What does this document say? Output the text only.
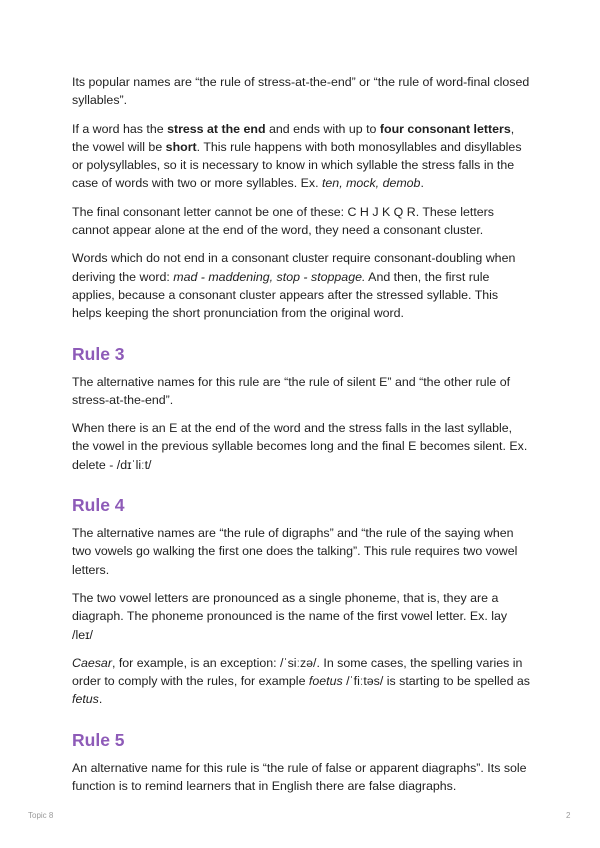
Its popular names are “the rule of stress-at-the-end” or “the rule of word-final closed syllables”.

If a word has the stress at the end and ends with up to four consonant letters, the vowel will be short. This rule happens with both monosyllables and disyllables or polysyllables, so it is necessary to know in which syllable the stress falls in the case of words with two or more syllables. Ex. ten, mock, demob.

The final consonant letter cannot be one of these: C H J K Q R. These letters cannot appear alone at the end of the word, they need a consonant cluster.

Words which do not end in a consonant cluster require consonant-doubling when deriving the word: mad - maddening, stop - stoppage. And then, the first rule applies, because a consonant cluster appears after the stressed syllable. This helps keeping the short pronunciation from the original word.

Rule 3

The alternative names for this rule are “the rule of silent E” and “the other rule of stress-at-the-end”.

When there is an E at the end of the word and the stress falls in the last syllable, the vowel in the previous syllable becomes long and the final E becomes silent. Ex. delete - /dɪˈliːt/

Rule 4

The alternative names are “the rule of digraphs” and “the rule of the saying when two vowels go walking the first one does the talking”. This rule requires two vowel letters.

The two vowel letters are pronounced as a single phoneme, that is, they are a diagraph. The phoneme pronounced is the name of the first vowel letter. Ex. lay /leɪ/

Caesar, for example, is an exception: /ˈsiːzə/. In some cases, the spelling varies in order to comply with the rules, for example foetus /ˈfiːtəs/ is starting to be spelled as fetus.

Rule 5

An alternative name for this rule is “the rule of false or apparent diagraphs”. Its sole function is to remind learners that in English there are false diagraphs.

Topic 8	2
